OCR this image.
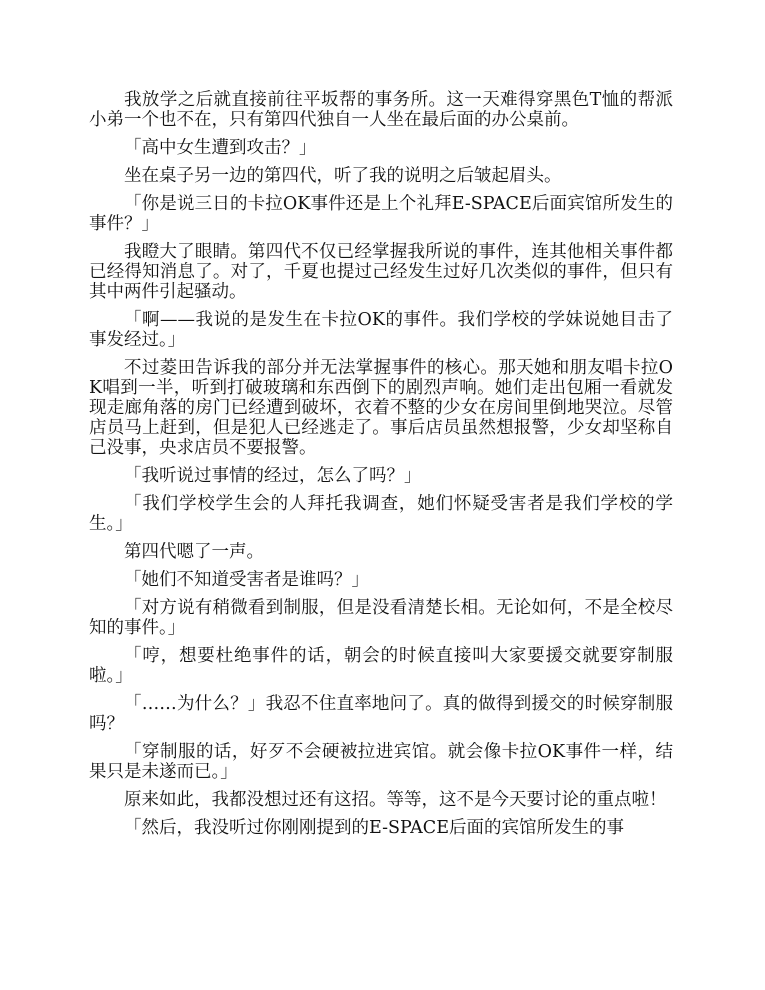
我放学之后就直接前往平坂帮的事务所。这一天难得穿黑色T恤的帮派小弟一个也不在，只有第四代独自一人坐在最后面的办公桌前。

「高中女生遭到攻击？」

坐在桌子另一边的第四代，听了我的说明之后皱起眉头。

「你是说三日的卡拉OK事件还是上个礼拜E-SPACE后面宾馆所发生的事件？」

我瞪大了眼睛。第四代不仅已经掌握我所说的事件，连其他相关事件都已经得知消息了。对了，千夏也提过己经发生过好几次类似的事件，但只有其中两件引起骚动。

「啊——我说的是发生在卡拉OK的事件。我们学校的学妹说她目击了事发经过。」

不过菱田告诉我的部分并无法掌握事件的核心。那天她和朋友唱卡拉OK唱到一半，听到打破玻璃和东西倒下的剧烈声响。她们走出包厢一看就发现走廊角落的房门已经遭到破坏，衣着不整的少女在房间里倒地哭泣。尽管店员马上赶到，但是犯人已经逃走了。事后店员虽然想报警，少女却坚称自己没事，央求店员不要报警。

「我听说过事情的经过，怎么了吗？」

「我们学校学生会的人拜托我调查，她们怀疑受害者是我们学校的学生。」

第四代嗯了一声。

「她们不知道受害者是谁吗？」

「对方说有稍微看到制服，但是没看清楚长相。无论如何，不是全校尽知的事件。」

「哼，想要杜绝事件的话，朝会的时候直接叫大家要援交就要穿制服啦。」

「……为什么？」我忍不住直率地问了。真的做得到援交的时候穿制服吗？

「穿制服的话，好歹不会硬被拉进宾馆。就会像卡拉OK事件一样，结果只是未遂而已。」

原来如此，我都没想过还有这招。等等，这不是今天要讨论的重点啦！

「然后，我没听过你刚刚提到的E-SPACE后面的宾馆所发生的事
